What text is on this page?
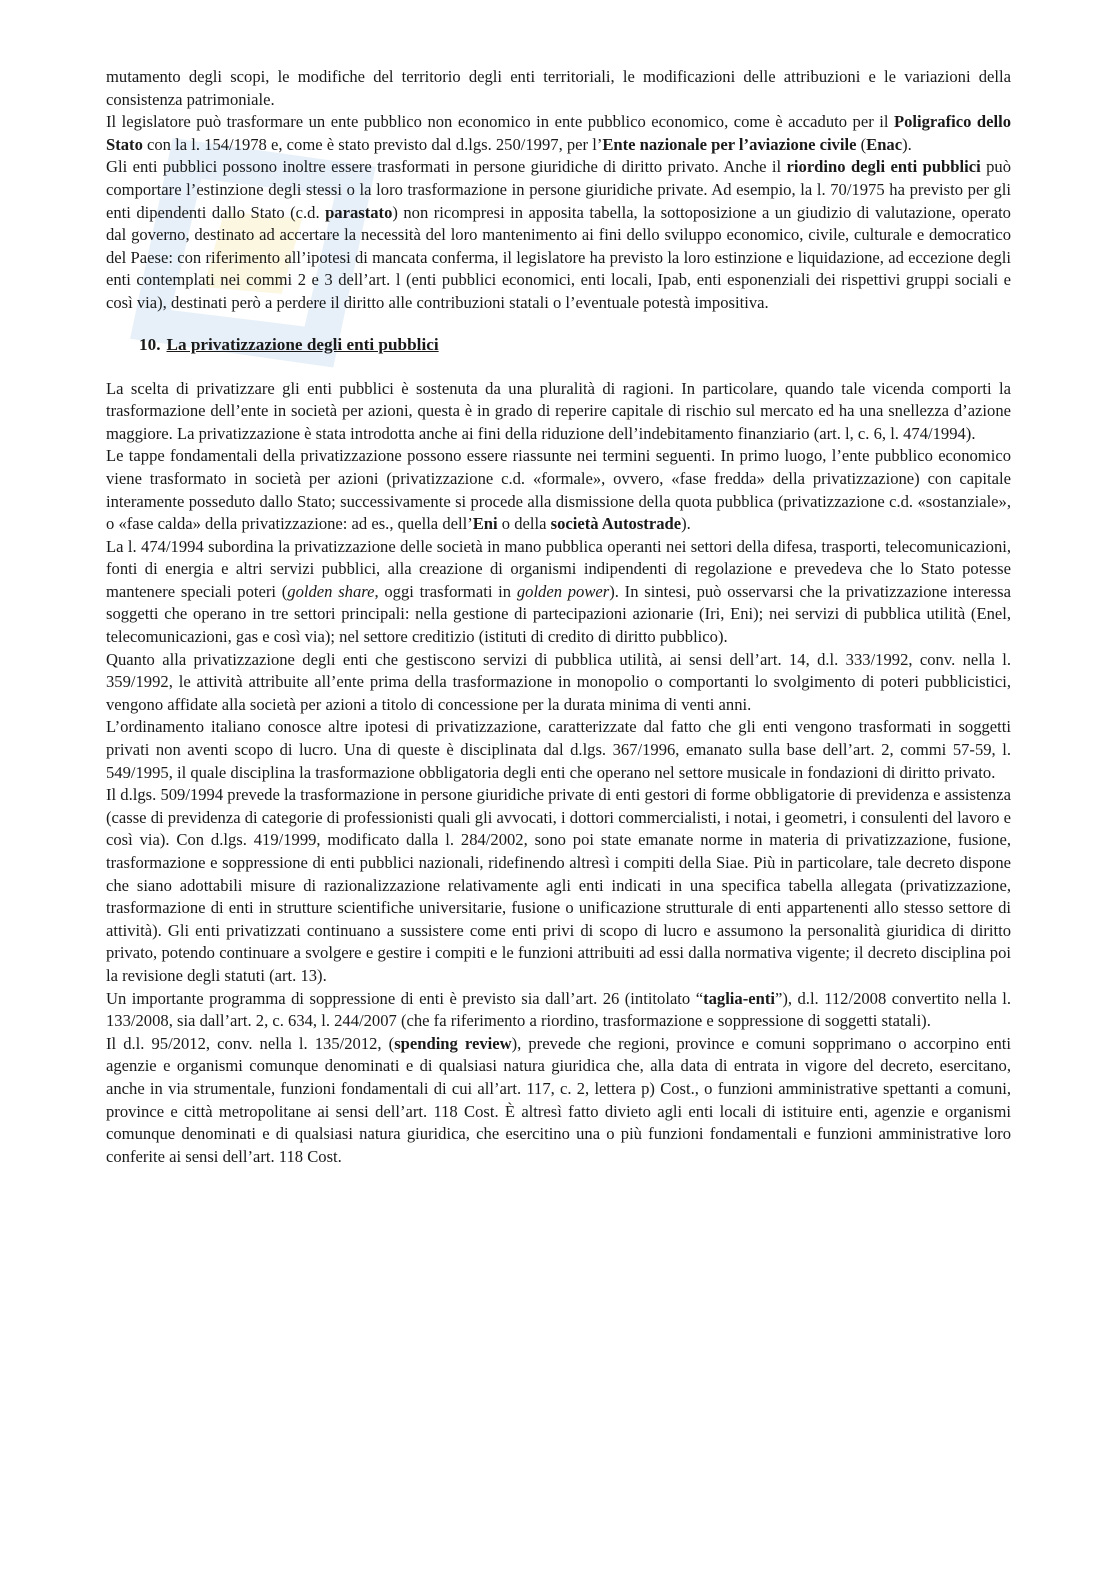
mutamento degli scopi, le modifiche del territorio degli enti territoriali, le modificazioni delle attribuzioni e le variazioni della consistenza patrimoniale.

Il legislatore può trasformare un ente pubblico non economico in ente pubblico economico, come è accaduto per il Poligrafico dello Stato con la l. 154/1978 e, come è stato previsto dal d.lgs. 250/1997, per l’Ente nazionale per l’aviazione civile (Enac).

Gli enti pubblici possono inoltre essere trasformati in persone giuridiche di diritto privato. Anche il riordino degli enti pubblici può comportare l’estinzione degli stessi o la loro trasformazione in persone giuridiche private. Ad esempio, la l. 70/1975 ha previsto per gli enti dipendenti dallo Stato (c.d. parastato) non ricompresi in apposita tabella, la sottoposizione a un giudizio di valutazione, operato dal governo, destinato ad accertare la necessità del loro mantenimento ai fini dello sviluppo economico, civile, culturale e democratico del Paese: con riferimento all’ipotesi di mancata conferma, il legislatore ha previsto la loro estinzione e liquidazione, ad eccezione degli enti contemplati nei commi 2 e 3 dell’art. l (enti pubblici economici, enti locali, Ipab, enti esponenziali dei rispettivi gruppi sociali e così via), destinati però a perdere il diritto alle contribuzioni statali o l’eventuale potestà impositiva.

10. La privatizzazione degli enti pubblici

La scelta di privatizzare gli enti pubblici è sostenuta da una pluralità di ragioni. In particolare, quando tale vicenda comporti la trasformazione dell’ente in società per azioni, questa è in grado di reperire capitale di rischio sul mercato ed ha una snellezza d’azione maggiore. La privatizzazione è stata introdotta anche ai fini della riduzione dell’indebitamento finanziario (art. l, c. 6, l. 474/1994).

Le tappe fondamentali della privatizzazione possono essere riassunte nei termini seguenti. In primo luogo, l’ente pubblico economico viene trasformato in società per azioni (privatizzazione c.d. «formale», ovvero, «fase fredda» della privatizzazione) con capitale interamente posseduto dallo Stato; successivamente si procede alla dismissione della quota pubblica (privatizzazione c.d. «sostanziale», o «fase calda» della privatizzazione: ad es., quella dell’Eni o della società Autostrade).

La l. 474/1994 subordina la privatizzazione delle società in mano pubblica operanti nei settori della difesa, trasporti, telecomunicazioni, fonti di energia e altri servizi pubblici, alla creazione di organismi indipendenti di regolazione e prevedeva che lo Stato potesse mantenere speciali poteri (golden share, oggi trasformati in golden power). In sintesi, può osservarsi che la privatizzazione interessa soggetti che operano in tre settori principali: nella gestione di partecipazioni azionarie (Iri, Eni); nei servizi di pubblica utilità (Enel, telecomunicazioni, gas e così via); nel settore creditizio (istituti di credito di diritto pubblico).

Quanto alla privatizzazione degli enti che gestiscono servizi di pubblica utilità, ai sensi dell’art. 14, d.l. 333/1992, conv. nella l. 359/1992, le attività attribuite all’ente prima della trasformazione in monopolio o comportanti lo svolgimento di poteri pubblicistici, vengono affidate alla società per azioni a titolo di concessione per la durata minima di venti anni.

L’ordinamento italiano conosce altre ipotesi di privatizzazione, caratterizzate dal fatto che gli enti vengono trasformati in soggetti privati non aventi scopo di lucro. Una di queste è disciplinata dal d.lgs. 367/1996, emanato sulla base dell’art. 2, commi 57-59, l. 549/1995, il quale disciplina la trasformazione obbligatoria degli enti che operano nel settore musicale in fondazioni di diritto privato.

Il d.lgs. 509/1994 prevede la trasformazione in persone giuridiche private di enti gestori di forme obbligatorie di previdenza e assistenza (casse di previdenza di categorie di professionisti quali gli avvocati, i dottori commercialisti, i notai, i geometri, i consulenti del lavoro e così via). Con d.lgs. 419/1999, modificato dalla l. 284/2002, sono poi state emanate norme in materia di privatizzazione, fusione, trasformazione e soppressione di enti pubblici nazionali, ridefinendo altresì i compiti della Siae. Più in particolare, tale decreto dispone che siano adottabili misure di razionalizzazione relativamente agli enti indicati in una specifica tabella allegata (privatizzazione, trasformazione di enti in strutture scientifiche universitarie, fusione o unificazione strutturale di enti appartenenti allo stesso settore di attività). Gli enti privatizzati continuano a sussistere come enti privi di scopo di lucro e assumono la personalità giuridica di diritto privato, potendo continuare a svolgere e gestire i compiti e le funzioni attribuiti ad essi dalla normativa vigente; il decreto disciplina poi la revisione degli statuti (art. 13).

Un importante programma di soppressione di enti è previsto sia dall’art. 26 (intitolato “taglia-enti”), d.l. 112/2008 convertito nella l. 133/2008, sia dall’art. 2, c. 634, l. 244/2007 (che fa riferimento a riordino, trasformazione e soppressione di soggetti statali).

Il d.l. 95/2012, conv. nella l. 135/2012, (spending review), prevede che regioni, province e comuni sopprimano o accorpino enti agenzie e organismi comunque denominati e di qualsiasi natura giuridica che, alla data di entrata in vigore del decreto, esercitano, anche in via strumentale, funzioni fondamentali di cui all’art. 117, c. 2, lettera p) Cost., o funzioni amministrative spettanti a comuni, province e città metropolitane ai sensi dell’art. 118 Cost. È altresì fatto divieto agli enti locali di istituire enti, agenzie e organismi comunque denominati e di qualsiasi natura giuridica, che esercitino una o più funzioni fondamentali e funzioni amministrative loro conferite ai sensi dell’art. 118 Cost.
